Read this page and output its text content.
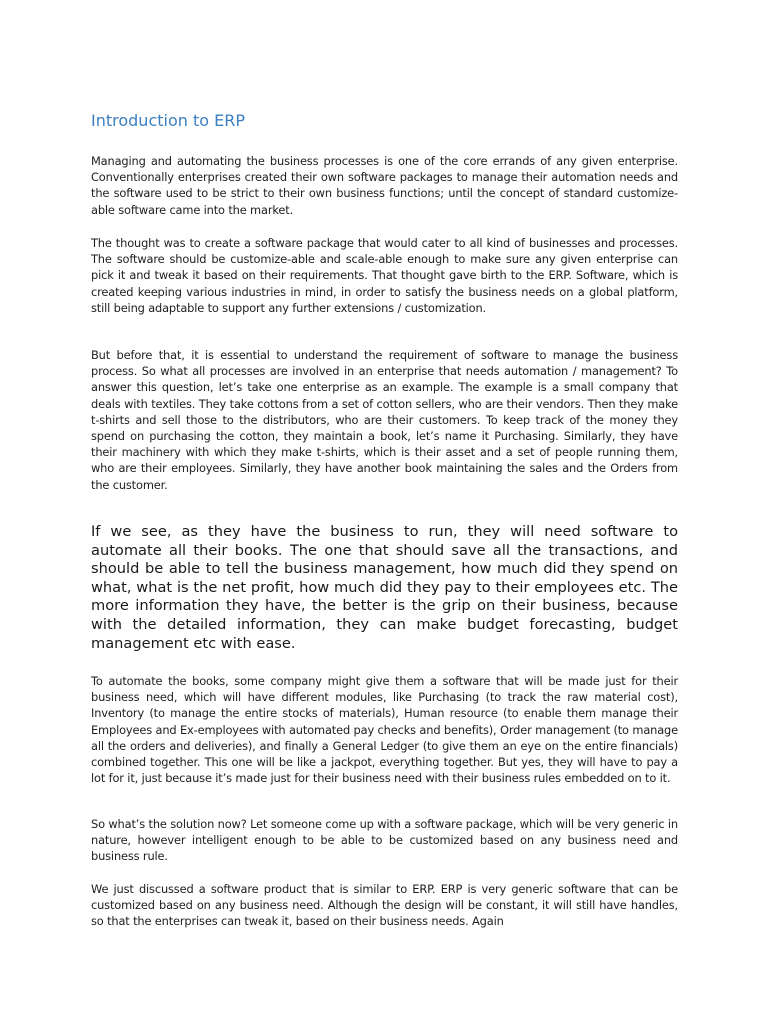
Introduction to ERP

Managing and automating the business processes is one of the core errands of any given enterprise. Conventionally enterprises created their own software packages to manage their automation needs and the software used to be strict to their own business functions; until the concept of standard customize-able software came into the market.

The thought was to create a software package that would cater to all kind of businesses and processes. The software should be customize-able and scale-able enough to make sure any given enterprise can pick it and tweak it based on their requirements. That thought gave birth to the ERP. Software, which is created keeping various industries in mind, in order to satisfy the business needs on a global platform, still being adaptable to support any further extensions / customization.

But before that, it is essential to understand the requirement of software to manage the business process. So what all processes are involved in an enterprise that needs automation / management? To answer this question, let’s take one enterprise as an example. The example is a small company that deals with textiles. They take cottons from a set of cotton sellers, who are their vendors. Then they make t-shirts and sell those to the distributors, who are their customers. To keep track of the money they spend on purchasing the cotton, they maintain a book, let’s name it Purchasing. Similarly, they have their machinery with which they make t-shirts, which is their asset and a set of people running them, who are their employees. Similarly, they have another book maintaining the sales and the Orders from the customer.

If we see, as they have the business to run, they will need software to automate all their books. The one that should save all the transactions, and should be able to tell the business management, how much did they spend on what, what is the net profit, how much did they pay to their employees etc. The more information they have, the better is the grip on their business, because with the detailed information, they can make budget forecasting, budget management etc with ease.

To automate the books, some company might give them a software that will be made just for their business need, which will have different modules, like Purchasing (to track the raw material cost), Inventory (to manage the entire stocks of materials), Human resource (to enable them manage their Employees and Ex-employees with automated pay checks and benefits), Order management (to manage all the orders and deliveries), and finally a General Ledger (to give them an eye on the entire financials) combined together. This one will be like a jackpot, everything together. But yes, they will have to pay a lot for it, just because it’s made just for their business need with their business rules embedded on to it.

So what’s the solution now? Let someone come up with a software package, which will be very generic in nature, however intelligent enough to be able to be customized based on any business need and business rule.

We just discussed a software product that is similar to ERP. ERP is very generic software that can be customized based on any business need. Although the design will be constant, it will still have handles, so that the enterprises can tweak it, based on their business needs. Again
